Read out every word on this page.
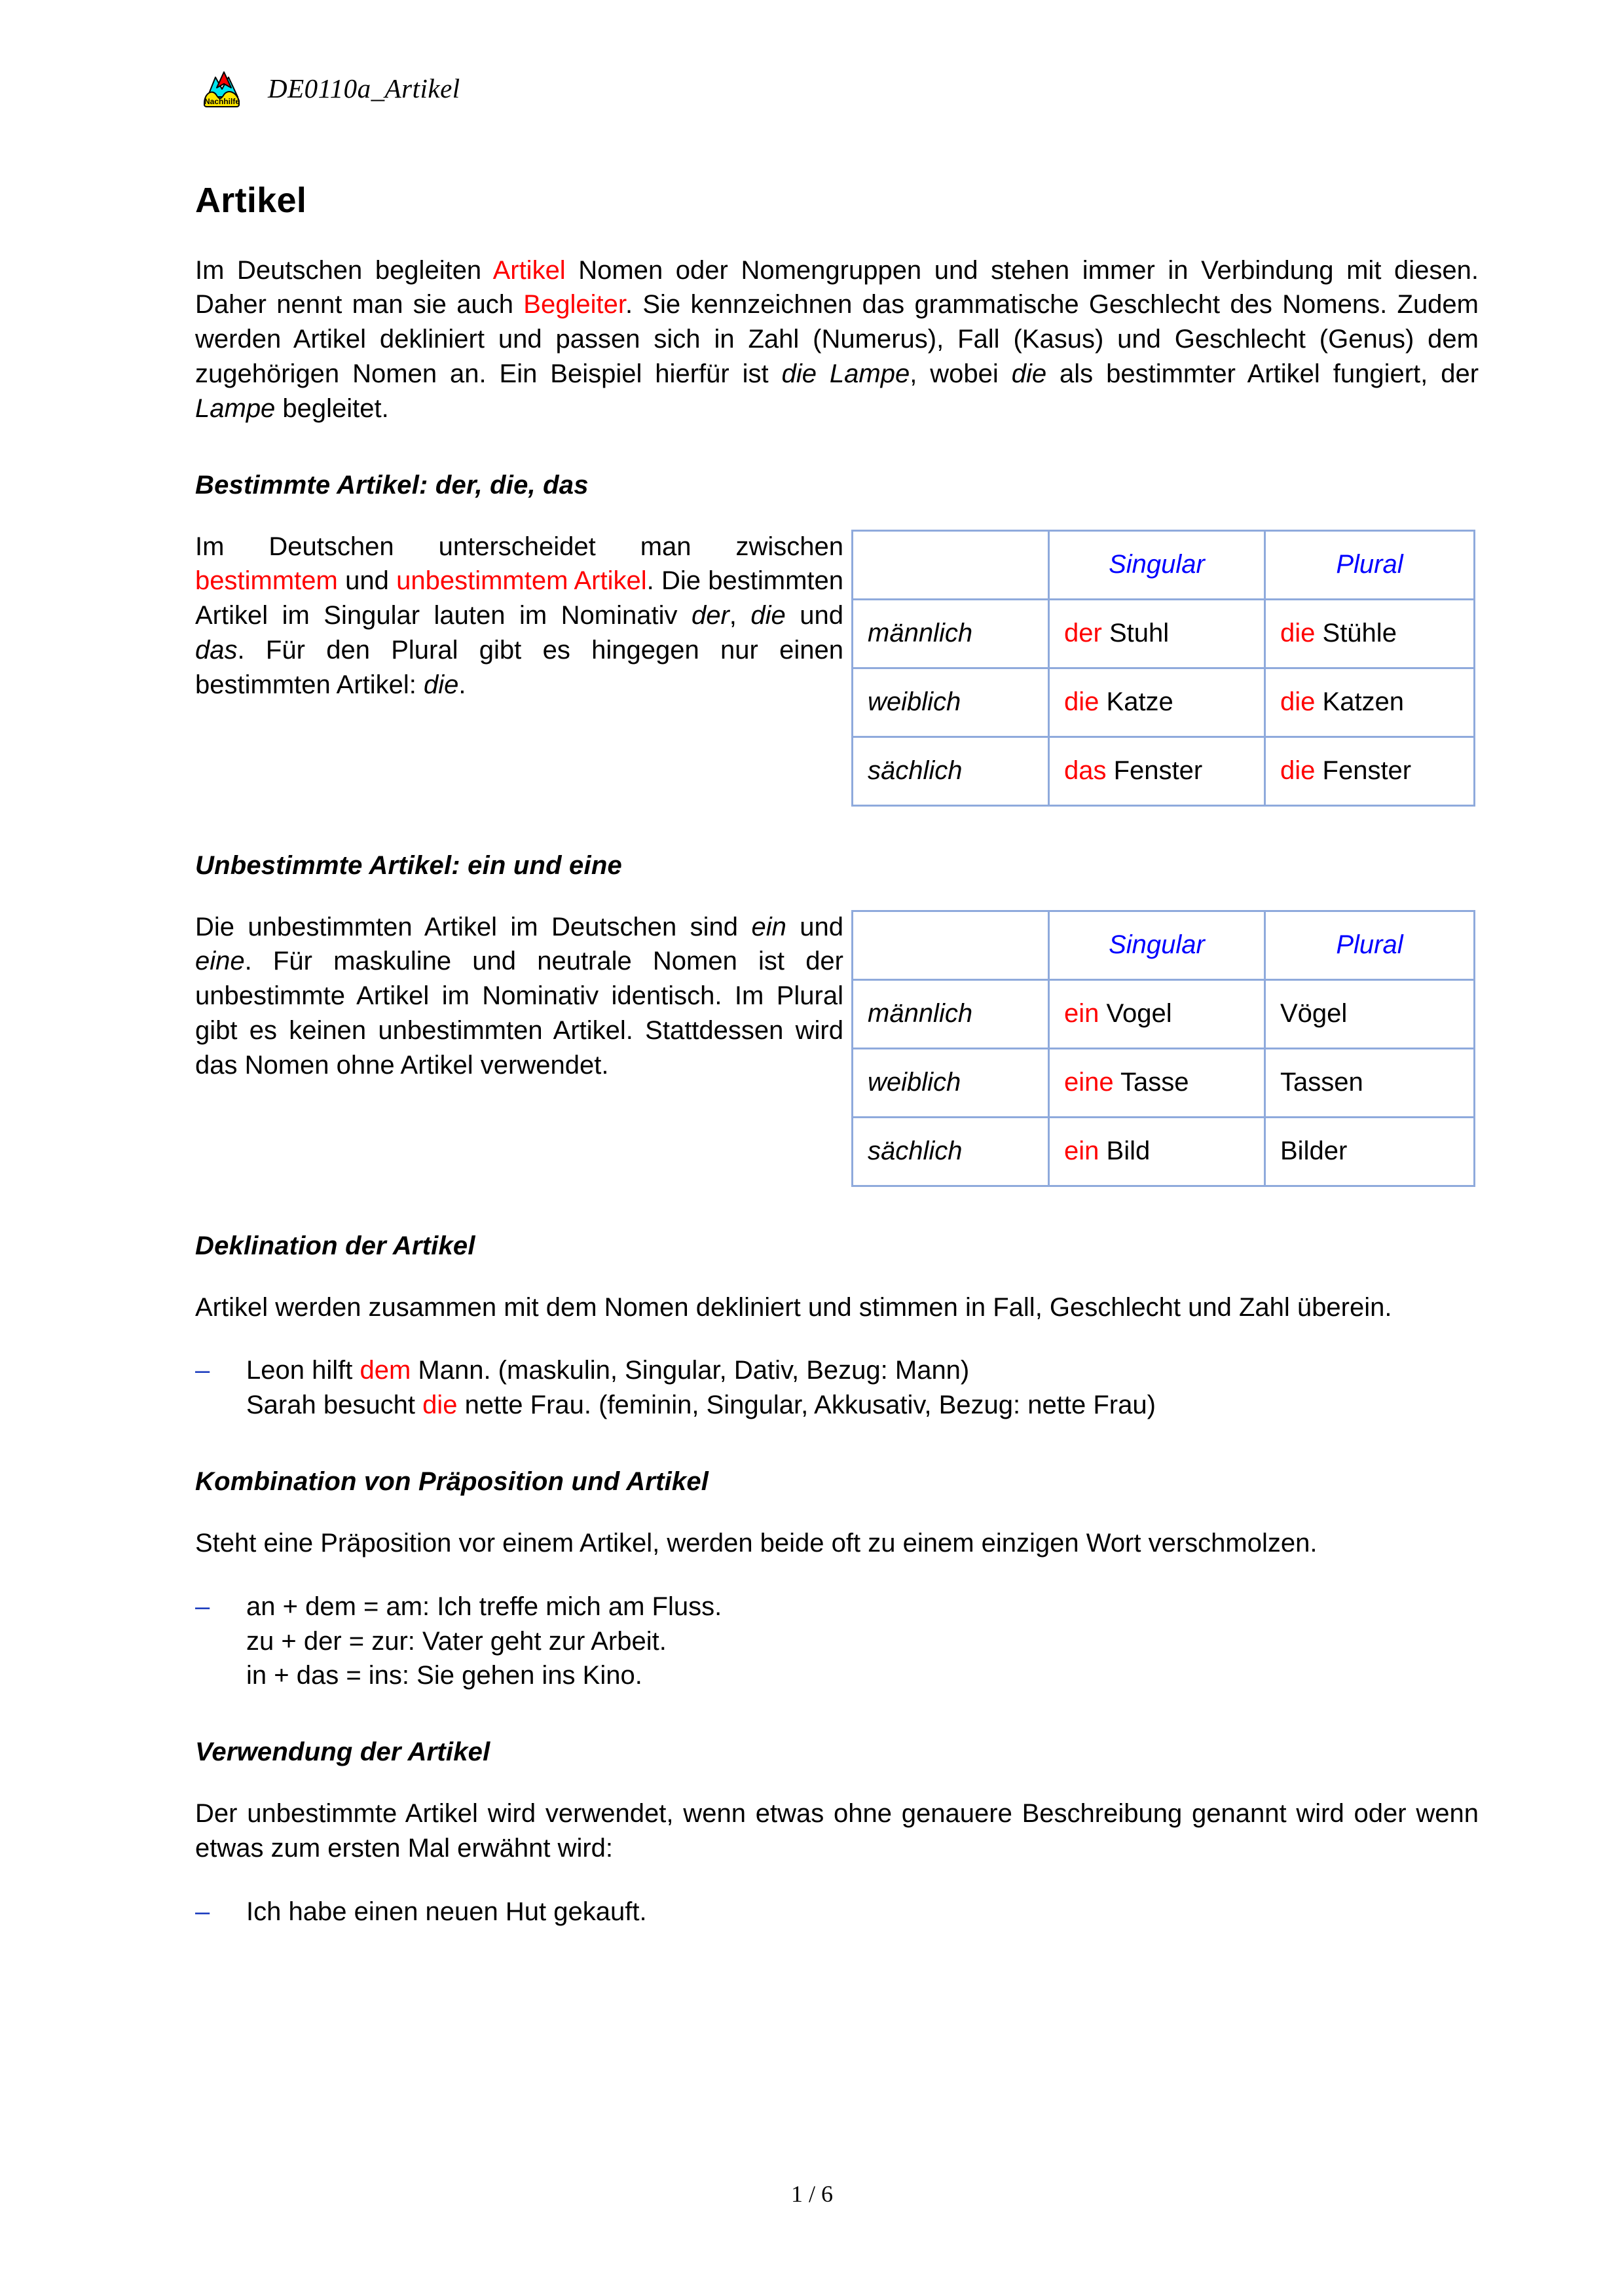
Nachhilfe DE0110a_Artikel
Artikel

Im Deutschen begleiten Artikel Nomen oder Nomengruppen und stehen immer in Verbindung mit diesen. Daher nennt man sie auch Begleiter. Sie kennzeichnen das grammatische Geschlecht des Nomens. Zudem werden Artikel dekliniert und passen sich in Zahl (Numerus), Fall (Kasus) und Geschlecht (Genus) dem zugehörigen Nomen an. Ein Beispiel hierfür ist die Lampe, wobei die als bestimmter Artikel fungiert, der Lampe begleitet.

Bestimmte Artikel: der, die, das

Im Deutschen unterscheidet man zwischen bestimmtem und unbestimmtem Artikel. Die bestimmten Artikel im Singular lauten im Nominativ der, die und das. Für den Plural gibt es hingegen nur einen bestimmten Artikel: die.

	Singular	Plural
männlich	der Stuhl	die Stühle
weiblich	die Katze	die Katzen
sächlich	das Fenster	die Fenster
Unbestimmte Artikel: ein und eine

Die unbestimmten Artikel im Deutschen sind ein und eine. Für maskuline und neutrale Nomen ist der unbestimmte Artikel im Nominativ identisch. Im Plural gibt es keinen unbestimmten Artikel. Stattdessen wird das Nomen ohne Artikel verwendet.

	Singular	Plural
männlich	ein Vogel	Vögel
weiblich	eine Tasse	Tassen
sächlich	ein Bild	Bilder
Deklination der Artikel

Artikel werden zusammen mit dem Nomen dekliniert und stimmen in Fall, Geschlecht und Zahl überein.

– Leon hilft dem Mann. (maskulin, Singular, Dativ, Bezug: Mann)
Sarah besucht die nette Frau. (feminin, Singular, Akkusativ, Bezug: nette Frau)
Kombination von Präposition und Artikel

Steht eine Präposition vor einem Artikel, werden beide oft zu einem einzigen Wort verschmolzen.

– an + dem = am: Ich treffe mich am Fluss.
zu + der = zur: Vater geht zur Arbeit.
in + das = ins: Sie gehen ins Kino.
Verwendung der Artikel

Der unbestimmte Artikel wird verwendet, wenn etwas ohne genauere Beschreibung genannt wird oder wenn etwas zum ersten Mal erwähnt wird:

– Ich habe einen neuen Hut gekauft.
1 / 6
